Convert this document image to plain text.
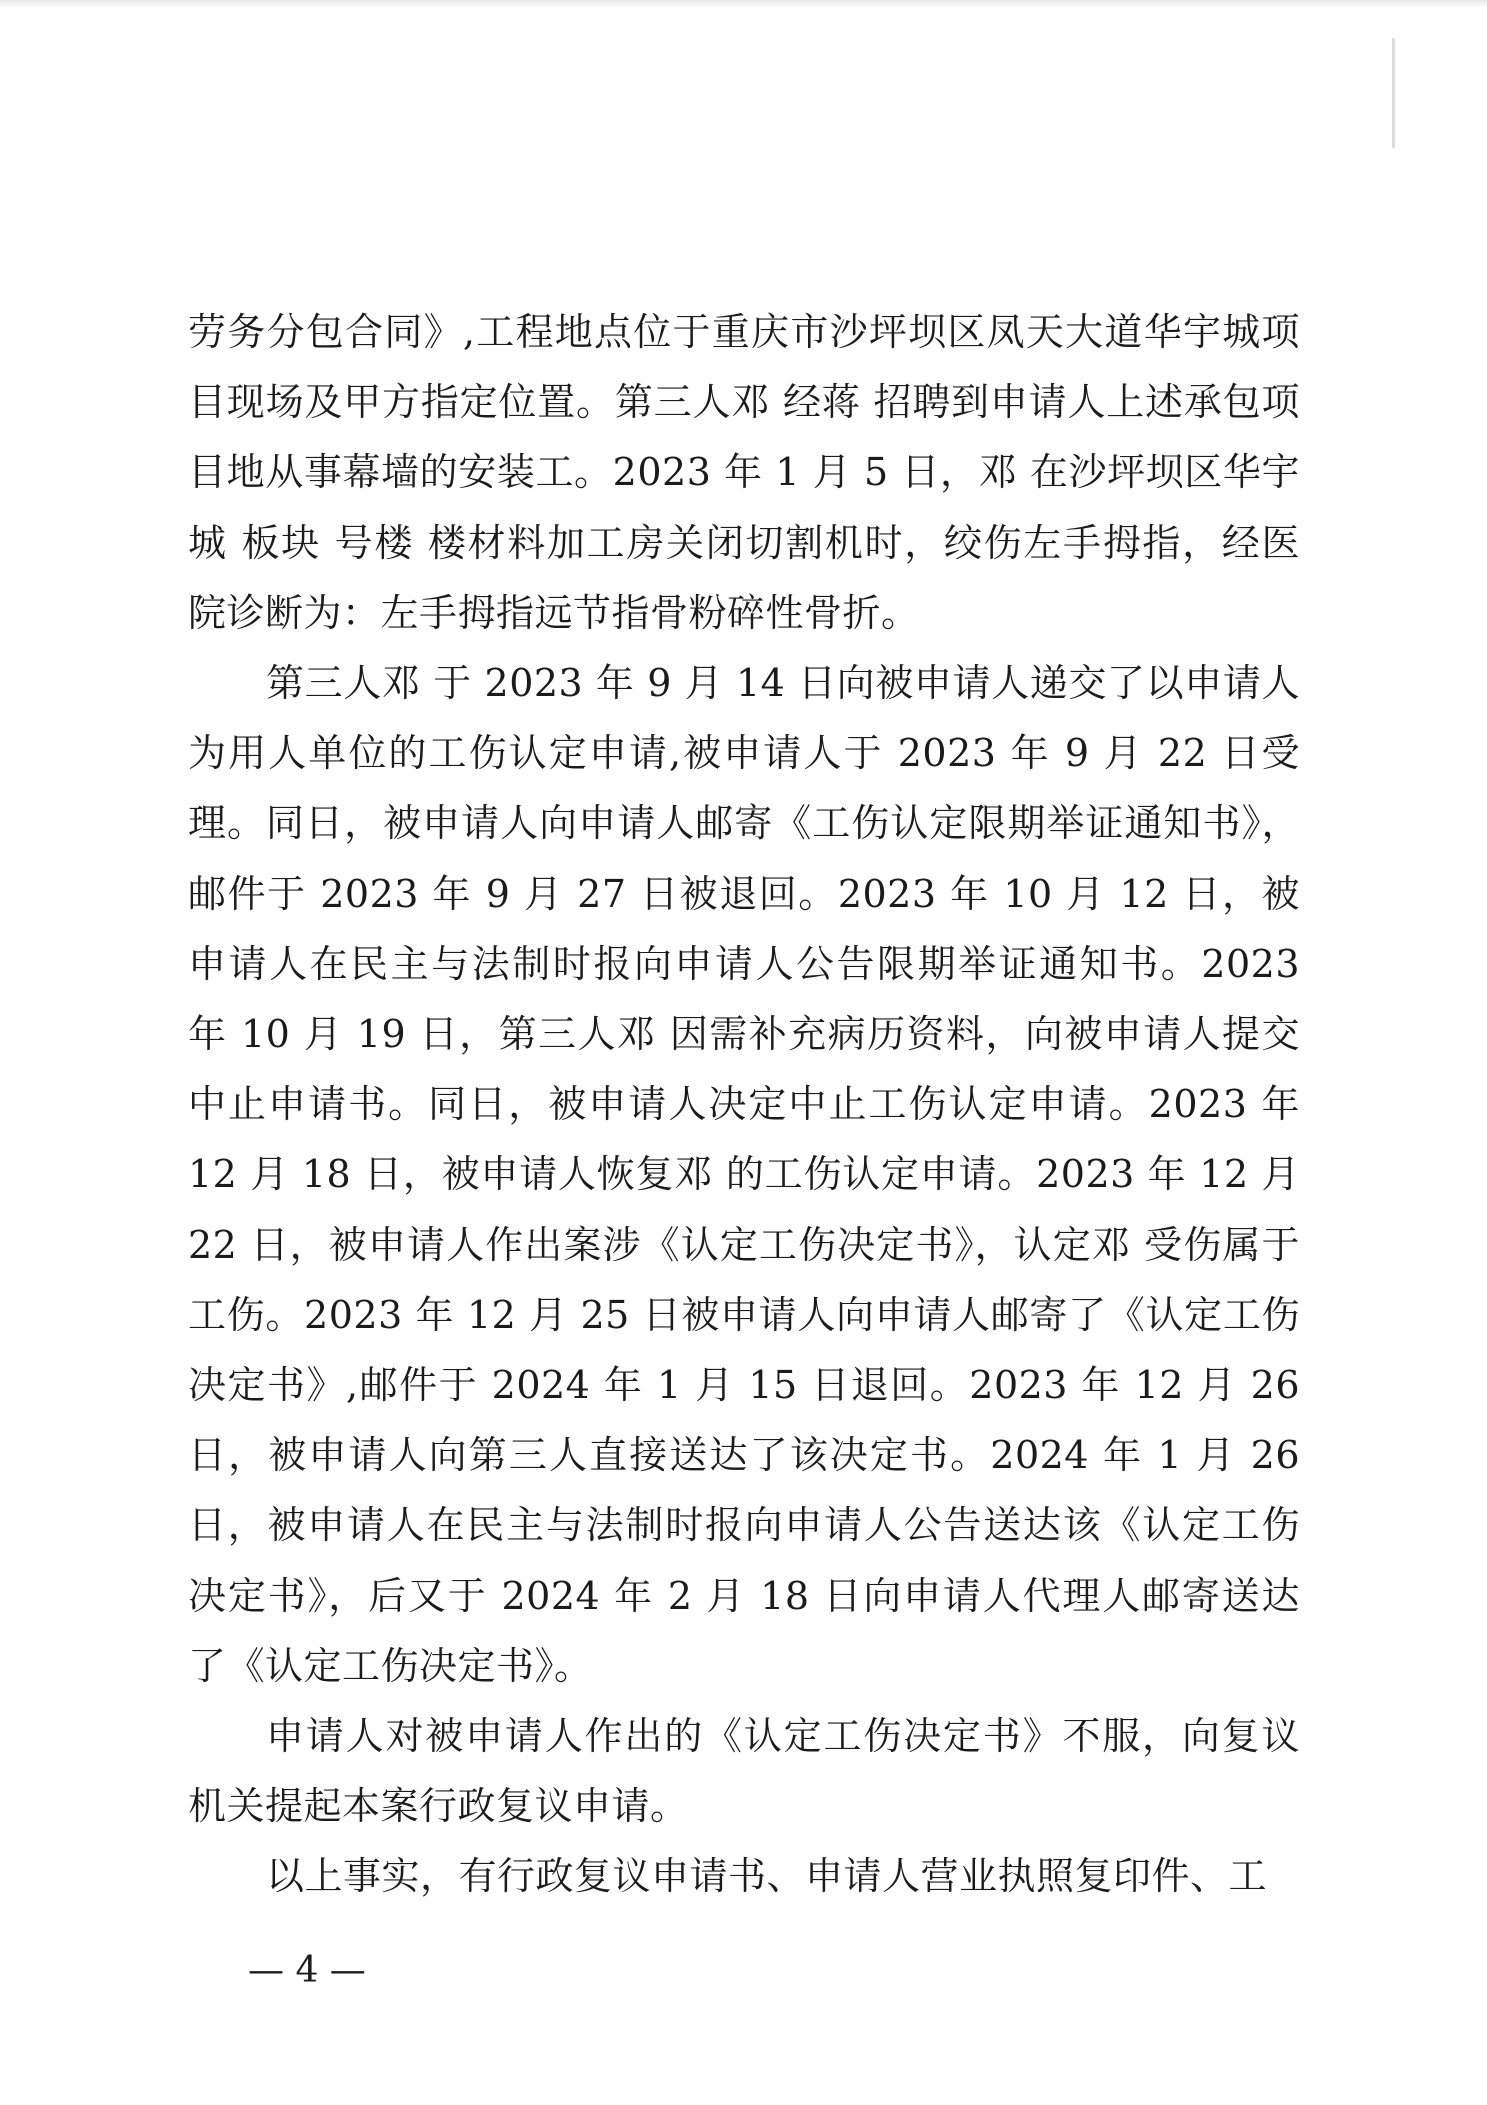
劳务分包合同》,工程地点位于重庆市沙坪坝区凤天大道华宇城项目现场及甲方指定位置。第三人邓 经蒋 招聘到申请人上述承包项目地从事幕墙的安装工。2023 年 1 月 5 日，邓 在沙坪坝区华宇城 板块 号楼 楼材料加工房关闭切割机时，绞伤左手拇指，经医院诊断为：左手拇指远节指骨粉碎性骨折。

第三人邓 于 2023 年 9 月 14 日向被申请人递交了以申请人为用人单位的工伤认定申请,被申请人于 2023 年 9 月 22 日受理。同日，被申请人向申请人邮寄《工伤认定限期举证通知书》，邮件于 2023 年 9 月 27 日被退回。2023 年 10 月 12 日，被申请人在民主与法制时报向申请人公告限期举证通知书。2023 年 10 月 19 日，第三人邓 因需补充病历资料，向被申请人提交中止申请书。同日，被申请人决定中止工伤认定申请。2023 年 12 月 18 日，被申请人恢复邓 的工伤认定申请。2023 年 12 月 22 日，被申请人作出案涉《认定工伤决定书》，认定邓 受伤属于工伤。2023 年 12 月 25 日被申请人向申请人邮寄了《认定工伤决定书》,邮件于 2024 年 1 月 15 日退回。2023 年 12 月 26 日，被申请人向第三人直接送达了该决定书。2024 年 1 月 26 日，被申请人在民主与法制时报向申请人公告送达该《认定工伤决定书》，后又于 2024 年 2 月 18 日向申请人代理人邮寄送达了《认定工伤决定书》。

申请人对被申请人作出的《认定工伤决定书》不服，向复议机关提起本案行政复议申请。

以上事实，有行政复议申请书、申请人营业执照复印件、工

— 4 —
